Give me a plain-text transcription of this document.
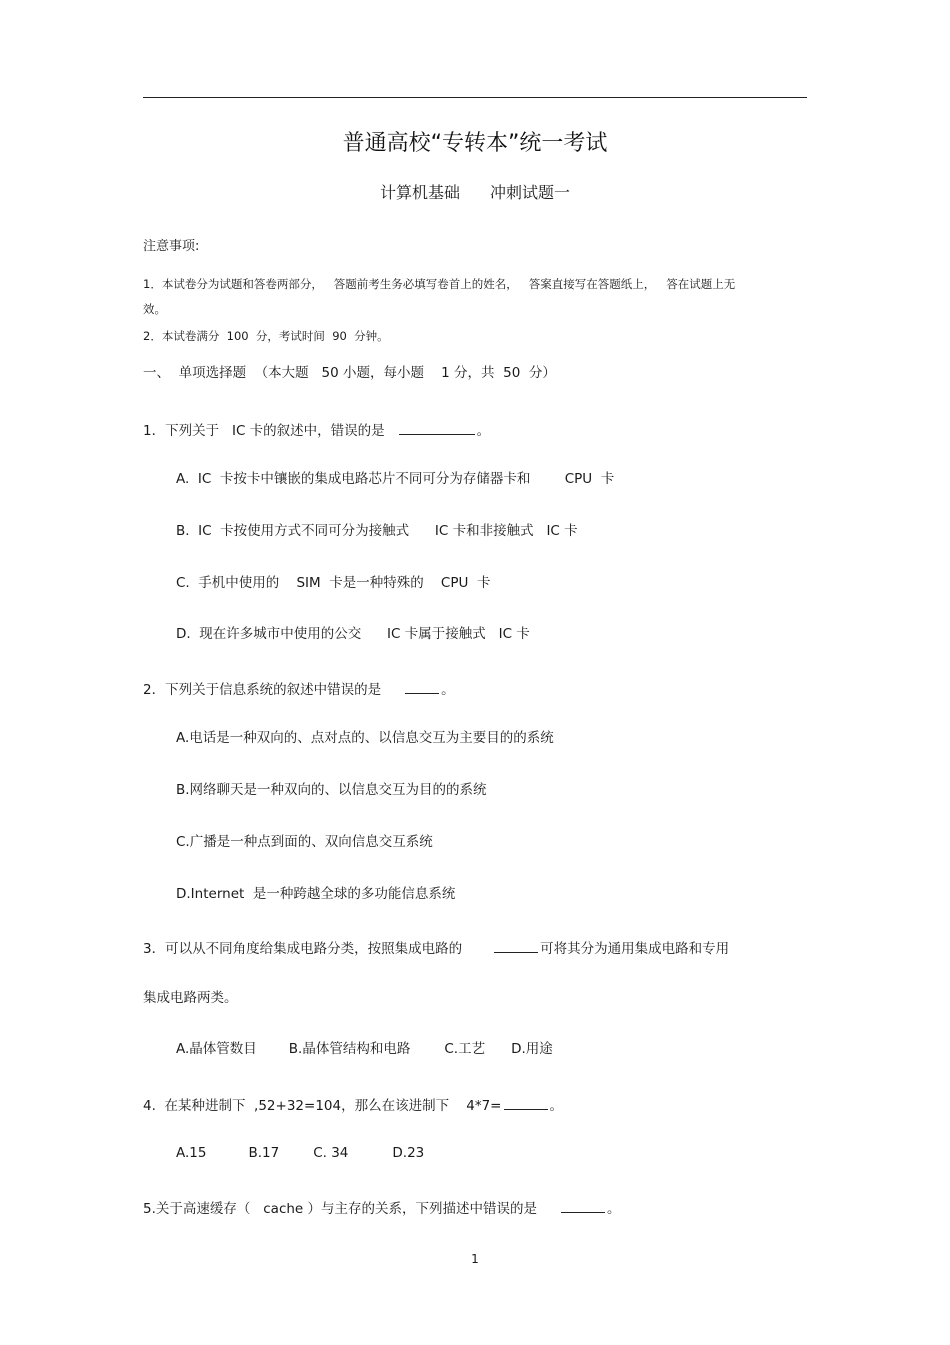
普通高校“专转本”统一考试
计算机基础 冲刺试题一
注意事项:
1．本试卷分为试题和答卷两部分，   答题前考生务必填写卷首上的姓名，   答案直接写在答题纸上，   答在试题上无
效。
2．本试卷满分  100  分，考试时间  90  分钟。
一、  单项选择题  （本大题   50 小题，每小题    1 分，共  50  分）
1．下列关于   IC 卡的叙述中，错误的是	。
A.  IC  卡按卡中镶嵌的集成电路芯片不同可分为存储器卡和        CPU  卡
B.  IC  卡按使用方式不同可分为接触式      IC 卡和非接触式   IC 卡
C.  手机中使用的    SIM  卡是一种特殊的    CPU  卡
D.  现在许多城市中使用的公交      IC 卡属于接触式   IC 卡
2．下列关于信息系统的叙述中错误的是	。
A.电话是一种双向的、点对点的、以信息交互为主要目的的系统
B.网络聊天是一种双向的、以信息交互为目的的系统
C.广播是一种点到面的、双向信息交互系统
D.Internet  是一种跨越全球的多功能信息系统
3．可以从不同角度给集成电路分类，按照集成电路的	可将其分为通用集成电路和专用
集成电路两类。
A.晶体管数目 B.晶体管结构和电路	C.工艺 D.用途
4.  在某种进制下  ,52+32=104，那么在该进制下    4*7=	。
A.15	B.17	C. 34	D.23
5.关于高速缓存（   cache ）与主存的关系，下列描述中错误的是	。
1
